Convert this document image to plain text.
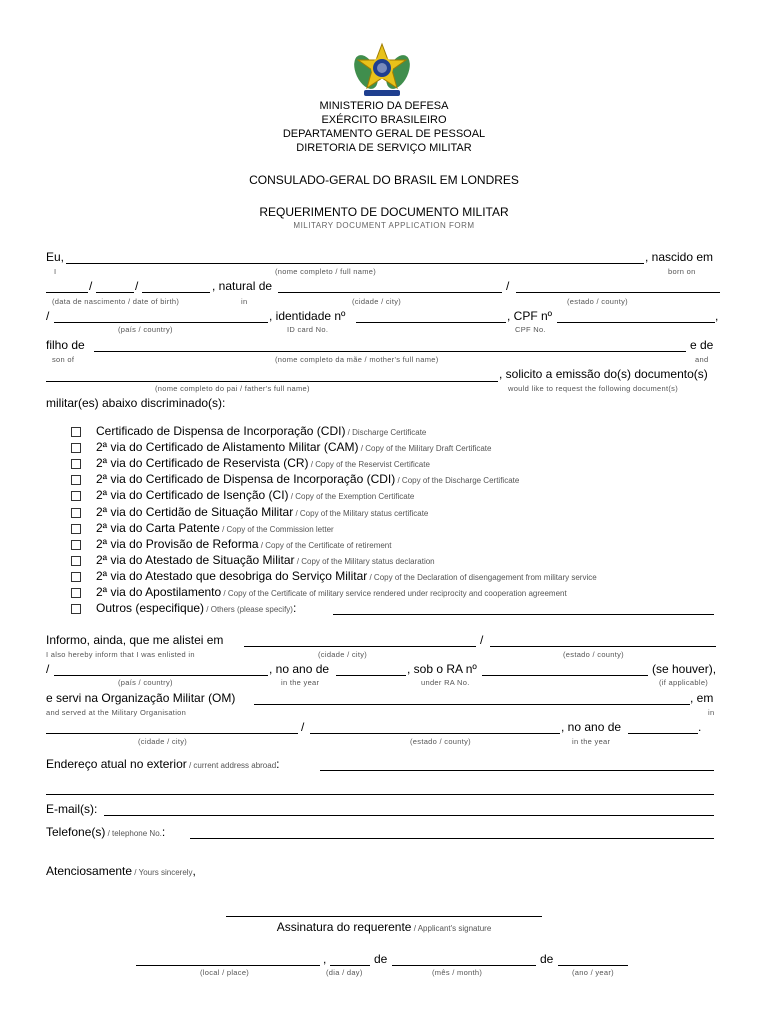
MINISTERIO DA DEFESA
EXÉRCITO BRASILEIRO
DEPARTAMENTO GERAL DE PESSOAL
DIRETORIA DE SERVIÇO MILITAR
CONSULADO-GERAL DO BRASIL EM LONDRES
REQUERIMENTO DE DOCUMENTO MILITAR
MILITARY DOCUMENT APPLICATION FORM
Eu,	, nascido em
I	(nome completo / full name)	born on
/	/	, natural de	/
(data de nascimento / date of birth)	in	(cidade / city)	(estado / county)
/	, identidade nº	, CPF nº	,
(país / country)	ID card No.	CPF No.
filho de	e de
son of	(nome completo da mãe / mother's full name)	and
, solicito a emissão do(s) documento(s)
(nome completo do pai / father's full name)	would like to request the following document(s)
militar(es) abaixo discriminado(s):
Certificado de Dispensa de Incorporação (CDI) / Discharge Certificate
2ª via do Certificado de Alistamento Militar (CAM) / Copy of the Military Draft Certificate
2ª via do Certificado de Reservista (CR) / Copy of the Reservist Certificate
2ª via do Certificado de Dispensa de Incorporação (CDI) / Copy of the Discharge Certificate
2ª via do Certificado de Isenção (CI) / Copy of the Exemption Certificate
2ª via do Certidão de Situação Militar / Copy of the Military status certificate
2ª via do Carta Patente / Copy of the Commission letter
2ª via do Provisão de Reforma / Copy of the Certificate of retirement
2ª via do Atestado de Situação Militar / Copy of the Military status declaration
2ª via do Atestado que desobriga do Serviço Militar / Copy of the Declaration of disengagement from military service
2ª via do Apostilamento / Copy of the Certificate of military service rendered under reciprocity and cooperation agreement
Outros (especifique) / Others (please specify):
Informo, ainda, que me alistei em	/
I also hereby inform that I was enlisted in	(cidade / city)	(estado / county)
/	, no ano de	, sob o RA nº	(se houver),
(país / country)	in the year	under RA No.	(if applicable)
e servi na Organização Militar (OM)	, em
and served at the Military Organisation	in
/	, no ano de	.
(cidade / city)	(estado / county)	in the year
Endereço atual no exterior / current address abroad:
E-mail(s):
Telefone(s) / telephone No.:
Atenciosamente / Yours sincerely,
Assinatura do requerente / Applicant's signature
,	de	de
(local / place)	(dia / day)	(mês / month)	(ano / year)
